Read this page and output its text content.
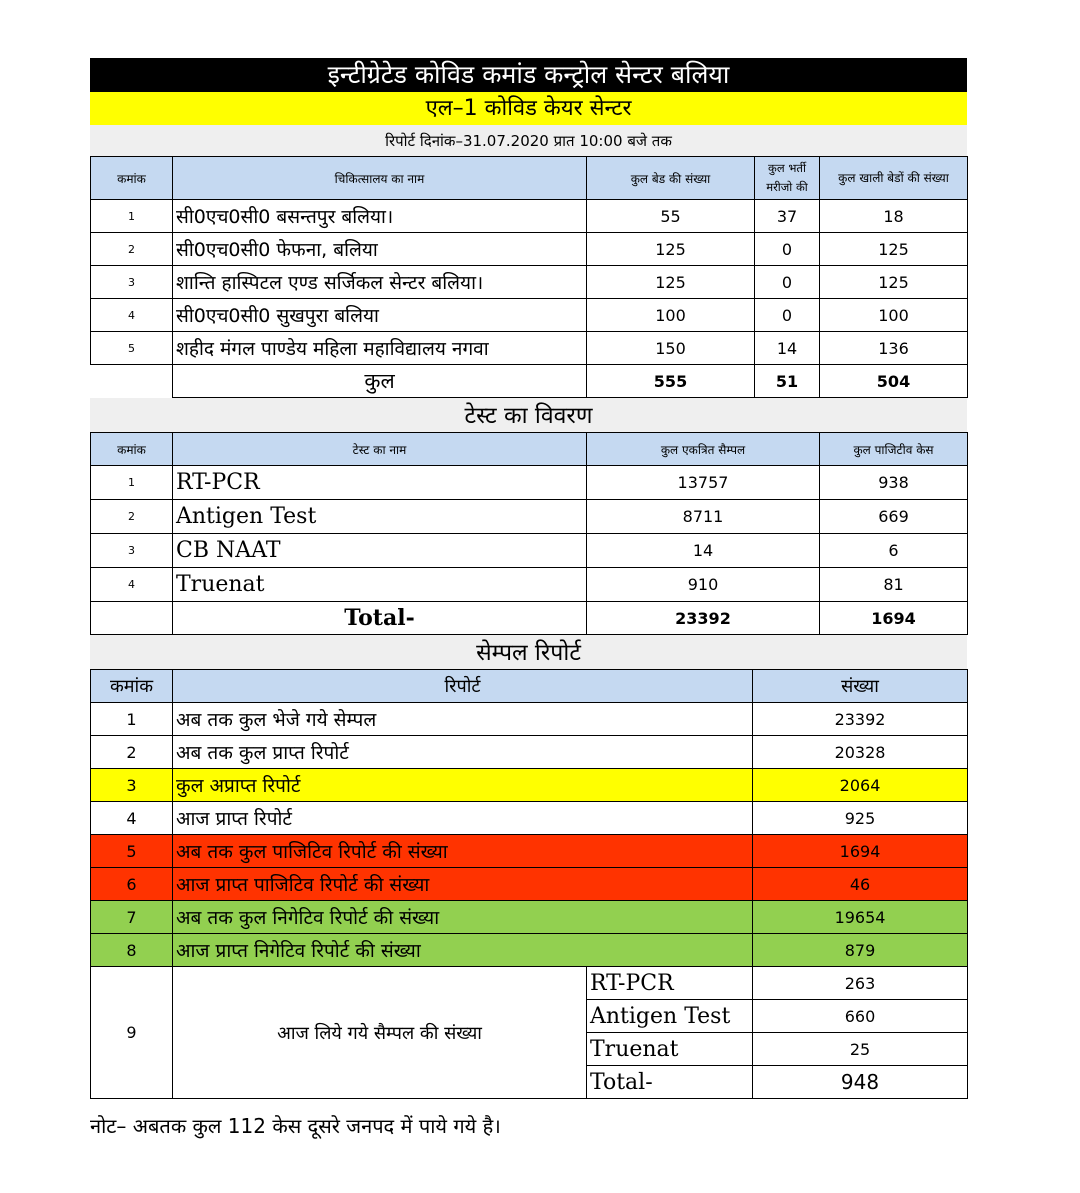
इन्टीग्रेटेड कोविड कमांड कन्ट्रोल सेन्टर बलिया
एल–1 कोविड केयर सेन्टर
रिपोर्ट दिनांक–31.07.2020 प्रात 10:00 बजे तक
कमांक	चिकित्सालय का नाम	कुल बेड की संख्या	कुल भर्ती मरीजो की	कुल खाली बेडों की संख्या
1	सी0एच0सी0 बसन्तपुर बलिया।	55	37	18
2	सी0एच0सी0 फेफना, बलिया	125	0	125
3	शान्ति हास्पिटल एण्ड सर्जिकल सेन्टर बलिया।	125	0	125
4	सी0एच0सी0 सुखपुरा बलिया	100	0	100
5	शहीद मंगल पाण्डेय महिला महाविद्यालय नगवा	150	14	136
	कुल	555	51	504
टेस्ट का विवरण
कमांक	टेस्ट का नाम	कुल एकत्रित सैम्पल	कुल पाजिटीव केस
1	RT-PCR	13757	938
2	Antigen Test	8711	669
3	CB NAAT	14	6
4	Truenat	910	81
	Total-	23392	1694
सेम्पल रिपोर्ट
कमांक	रिपोर्ट		संख्या
1	अब तक कुल भेजे गये सेम्पल		23392
2	अब तक कुल प्राप्त रिपोर्ट		20328
3	कुल अप्राप्त रिपोर्ट		2064
4	आज प्राप्त रिपोर्ट		925
5	अब तक कुल पाजिटिव रिपोर्ट की संख्या		1694
6	आज प्राप्त पाजिटिव रिपोर्ट की संख्या		46
7	अब तक कुल निगेटिव रिपोर्ट की संख्या		19654
8	आज प्राप्त निगेटिव रिपोर्ट की संख्या		879
9	आज लिये गये सैम्पल की संख्या	RT-PCR	263
		Antigen Test	660
		Truenat	25
		Total-	948
नोट– अबतक कुल 112 केस दूसरे जनपद में पाये गये है।
